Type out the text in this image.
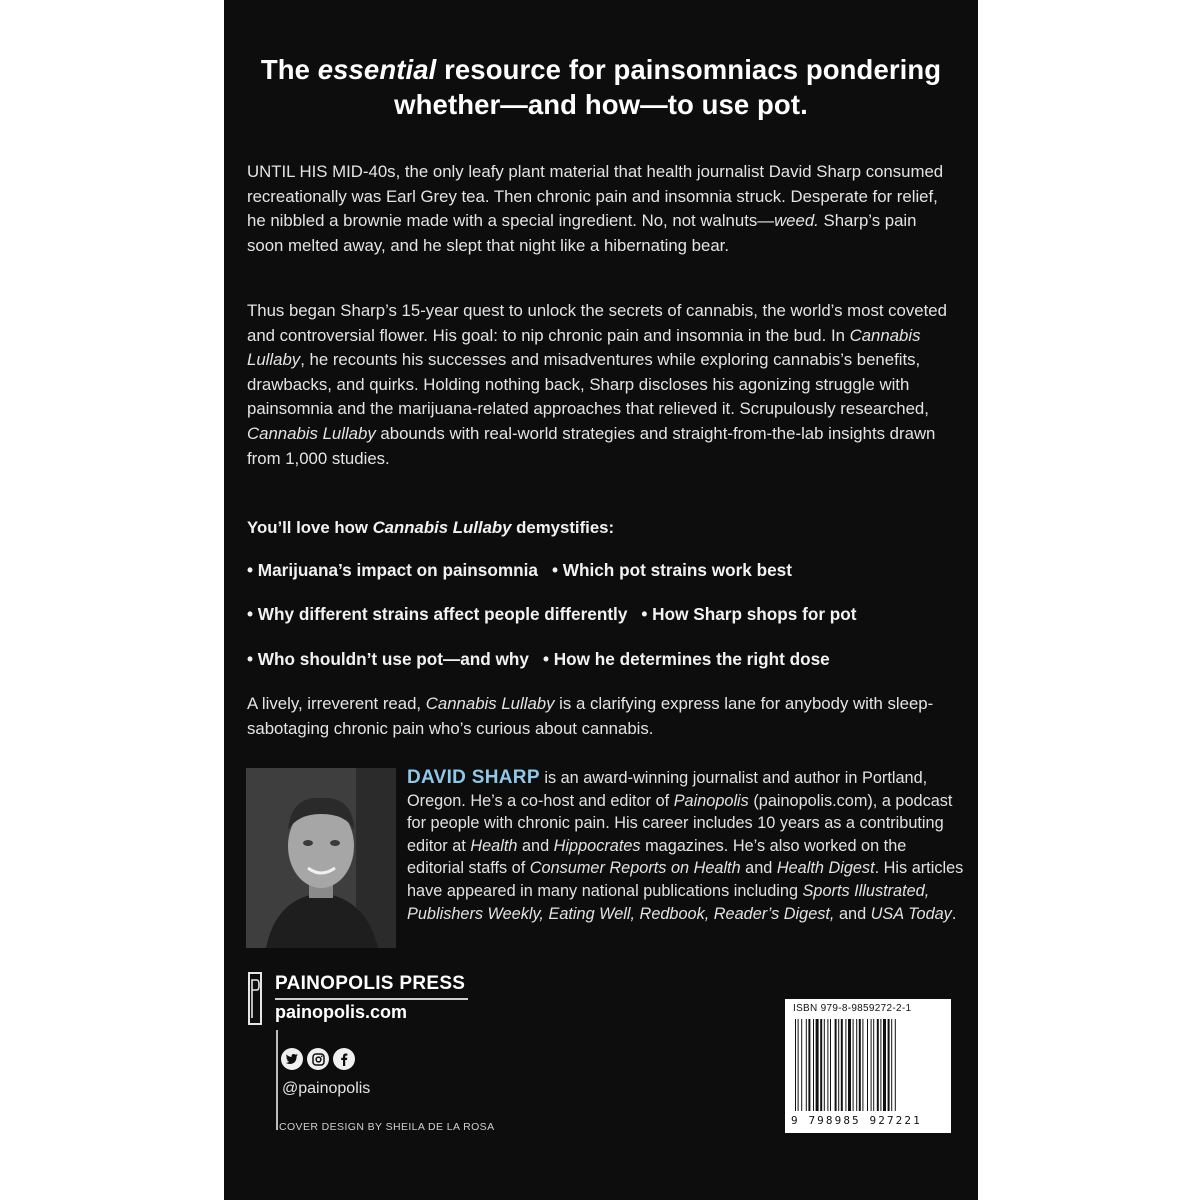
The essential resource for painsomniacs pondering
whether—and how—to use pot.

UNTIL HIS MID-40s, the only leafy plant material that health journalist David Sharp consumed recreationally was Earl Grey tea. Then chronic pain and insomnia struck. Desperate for relief, he nibbled a brownie made with a special ingredient. No, not walnuts—weed. Sharp’s pain soon melted away, and he slept that night like a hibernating bear.

Thus began Sharp’s 15-year quest to unlock the secrets of cannabis, the world’s most coveted and controversial flower. His goal: to nip chronic pain and insomnia in the bud. In Cannabis Lullaby, he recounts his successes and misadventures while exploring cannabis’s benefits, drawbacks, and quirks. Holding nothing back, Sharp discloses his agonizing struggle with painsomnia and the marijuana-related approaches that relieved it. Scrupulously researched, Cannabis Lullaby abounds with real-world strategies and straight-from-the-lab insights drawn from 1,000 studies.

You’ll love how Cannabis Lullaby demystifies:
• Marijuana’s impact on painsomnia • Which pot strains work best
• Why different strains affect people differently • How Sharp shops for pot
• Who shouldn’t use pot—and why • How he determines the right dose

A lively, irreverent read, Cannabis Lullaby is a clarifying express lane for anybody with sleep-sabotaging chronic pain who’s curious about cannabis.

DAVID SHARP is an award-winning journalist and author in Portland, Oregon. He’s a co-host and editor of Painopolis (painopolis.com), a podcast for people with chronic pain. His career includes 10 years as a contributing editor at Health and Hippocrates magazines. He’s also worked on the editorial staffs of Consumer Reports on Health and Health Digest. His articles have appeared in many national publications including Sports Illustrated, Publishers Weekly, Eating Well, Redbook, Reader’s Digest, and USA Today.
PAINOPOLIS PRESS
painopolis.com
@painopolis
COVER DESIGN BY SHEILA DE LA ROSA
ISBN 979-8-9859272-2-1
9 798985 927221
